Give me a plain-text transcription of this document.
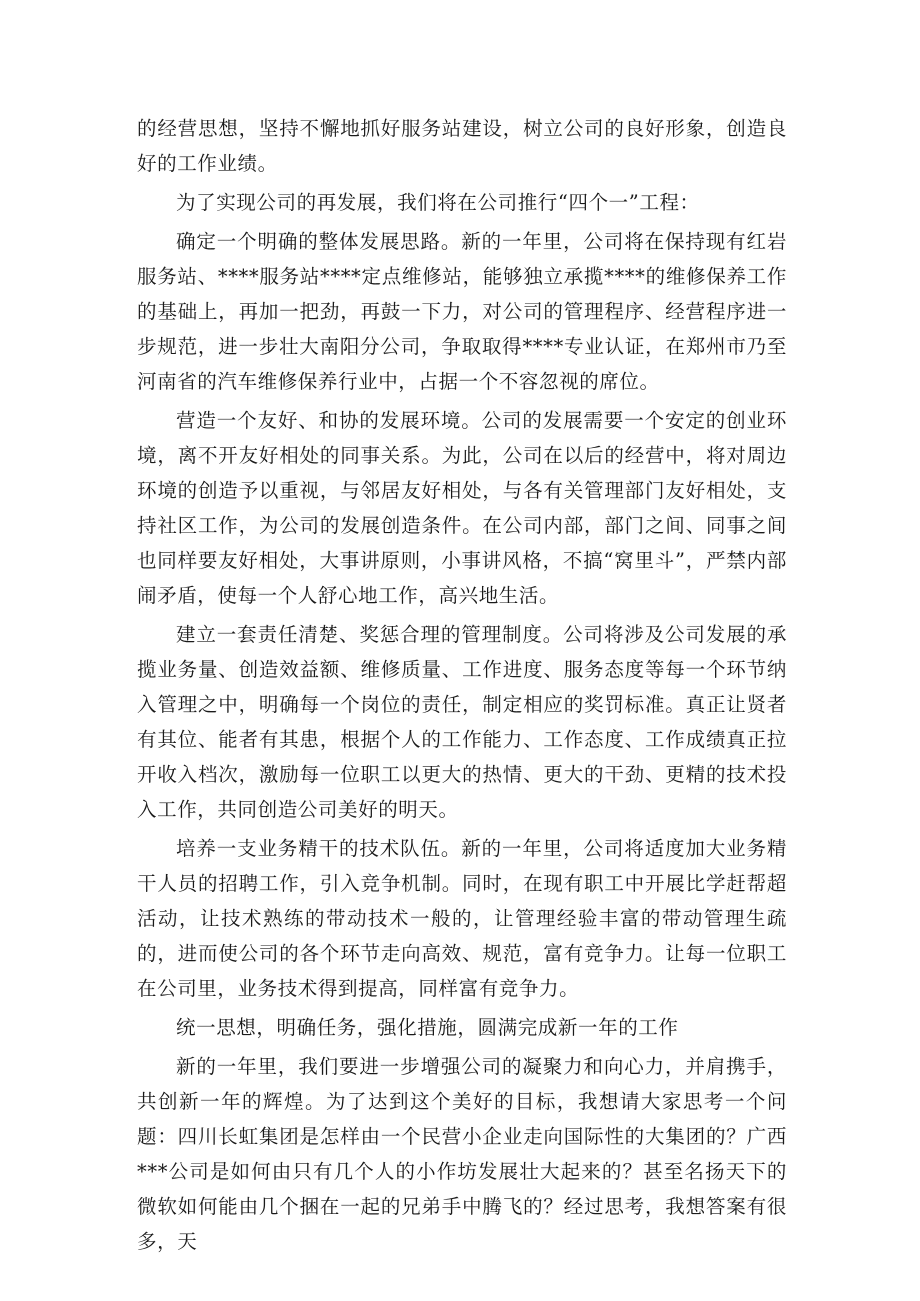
的经营思想，坚持不懈地抓好服务站建设，树立公司的良好形象，创造良好的工作业绩。

为了实现公司的再发展，我们将在公司推行“四个一”工程：

确定一个明确的整体发展思路。新的一年里，公司将在保持现有红岩服务站、****服务站****定点维修站，能够独立承揽****的维修保养工作的基础上，再加一把劲，再鼓一下力，对公司的管理程序、经营程序进一步规范，进一步壮大南阳分公司，争取取得****专业认证，在郑州市乃至河南省的汽车维修保养行业中，占据一个不容忽视的席位。

营造一个友好、和协的发展环境。公司的发展需要一个安定的创业环境，离不开友好相处的同事关系。为此，公司在以后的经营中，将对周边环境的创造予以重视，与邻居友好相处，与各有关管理部门友好相处，支持社区工作，为公司的发展创造条件。在公司内部，部门之间、同事之间也同样要友好相处，大事讲原则，小事讲风格，不搞“窝里斗”，严禁内部闹矛盾，使每一个人舒心地工作，高兴地生活。

建立一套责任清楚、奖惩合理的管理制度。公司将涉及公司发展的承揽业务量、创造效益额、维修质量、工作进度、服务态度等每一个环节纳入管理之中，明确每一个岗位的责任，制定相应的奖罚标准。真正让贤者有其位、能者有其患，根据个人的工作能力、工作态度、工作成绩真正拉开收入档次，激励每一位职工以更大的热情、更大的干劲、更精的技术投入工作，共同创造公司美好的明天。

培养一支业务精干的技术队伍。新的一年里，公司将适度加大业务精干人员的招聘工作，引入竞争机制。同时，在现有职工中开展比学赶帮超活动，让技术熟练的带动技术一般的，让管理经验丰富的带动管理生疏的，进而使公司的各个环节走向高效、规范，富有竞争力。让每一位职工在公司里，业务技术得到提高，同样富有竞争力。

统一思想，明确任务，强化措施，圆满完成新一年的工作

新的一年里，我们要进一步增强公司的凝聚力和向心力，并肩携手，共创新一年的辉煌。为了达到这个美好的目标，我想请大家思考一个问题：四川长虹集团是怎样由一个民营小企业走向国际性的大集团的？广西***公司是如何由只有几个人的小作坊发展壮大起来的？甚至名扬天下的微软如何能由几个捆在一起的兄弟手中腾飞的？经过思考，我想答案有很多，天
